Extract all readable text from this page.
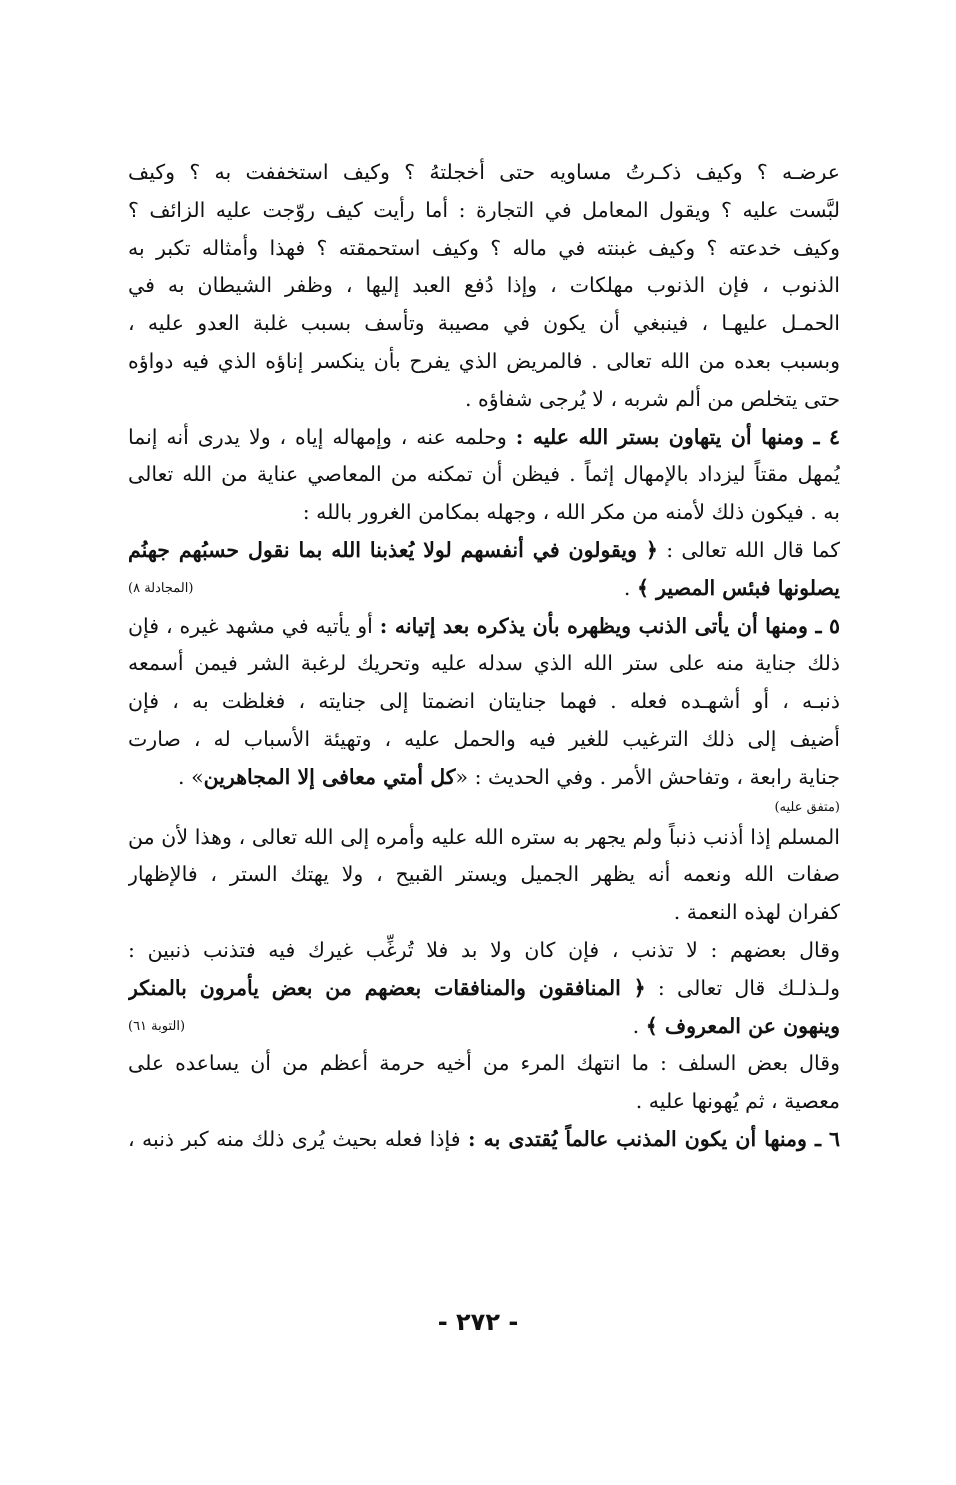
عرضـه ؟ وكيف ذكـرتُ مساويه حتى أخجلتهُ ؟ وكيف استخففت به ؟ وكيف
لبَّست عليه ؟ ويقول المعامل في التجارة : أما رأيت كيف روّجت عليه الزائف ؟
وكيف خدعته ؟ وكيف غبنته في ماله ؟ وكيف استحمقته ؟ فهذا وأمثاله تكبر به
الذنوب ، فإن الذنوب مهلكات ، وإذا دُفع العبد إليها ، وظفر الشيطان به في
الحمـل عليهـا ، فينبغي أن يكون في مصيبة وتأسف بسبب غلبة العدو عليه ،
وبسبب بعده من الله تعالى . فالمريض الذي يفرح بأن ينكسر إناؤه الذي فيه دواؤه
حتى يتخلص من ألم شربه ، لا يُرجى شفاؤه .
٤ ـ ومنها أن يتهاون بستر الله عليه : وحلمه عنه ، وإمهاله إياه ، ولا يدرى أنه إنما
يُمهل مقتاً ليزداد بالإمهال إثماً . فيظن أن تمكنه من المعاصي عناية من الله تعالى
به . فيكون ذلك لأمنه من مكر الله ، وجهله بمكامن الغرور بالله :
كما قال الله تعالى : ﴿ ويقولون في أنفسهم لولا يُعذبنا الله بما نقول حسبُهم جهنُم
يصلونها فبئس المصير ﴾ .
(المجادلة ٨)
٥ ـ ومنها أن يأتى الذنب ويظهره بأن يذكره بعد إتيانه : أو يأتيه في مشهد غيره ، فإن
ذلك جناية منه على ستر الله الذي سدله عليه وتحريك لرغبة الشر فيمن أسمعه
ذنبـه ، أو أشهـده فعله . فهما جنايتان انضمتا إلى جنايته ، فغلظت به ، فإن
أضيف إلى ذلك الترغيب للغير فيه والحمل عليه ، وتهيئة الأسباب له ، صارت
جناية رابعة ، وتفاحش الأمر . وفي الحديث : «كل أمتي معافى إلا المجاهرين» .
(متفق عليه)
المسلم إذا أذنب ذنباً ولم يجهر به ستره الله عليه وأمره إلى الله تعالى ، وهذا لأن من
صفات الله ونعمه أنه يظهر الجميل ويستر القبيح ، ولا يهتك الستر ، فالإظهار
كفران لهذه النعمة .
وقال بعضهم : لا تذنب ، فإن كان ولا بد فلا تُرغِّب غيرك فيه فتذنب ذنبين :
ولـذلـك قال تعالى : ﴿ المنافقون والمنافقات بعضهم من بعض يأمرون بالمنكر
وينهون عن المعروف ﴾ .
(التوبة ٦١)
وقال بعض السلف : ما انتهك المرء من أخيه حرمة أعظم من أن يساعده على
معصية ، ثم يُهونها عليه .
٦ ـ ومنها أن يكون المذنب عالماً يُقتدى به : فإذا فعله بحيث يُرى ذلك منه كبر ذنبه ،
- ٢٧٢ -
